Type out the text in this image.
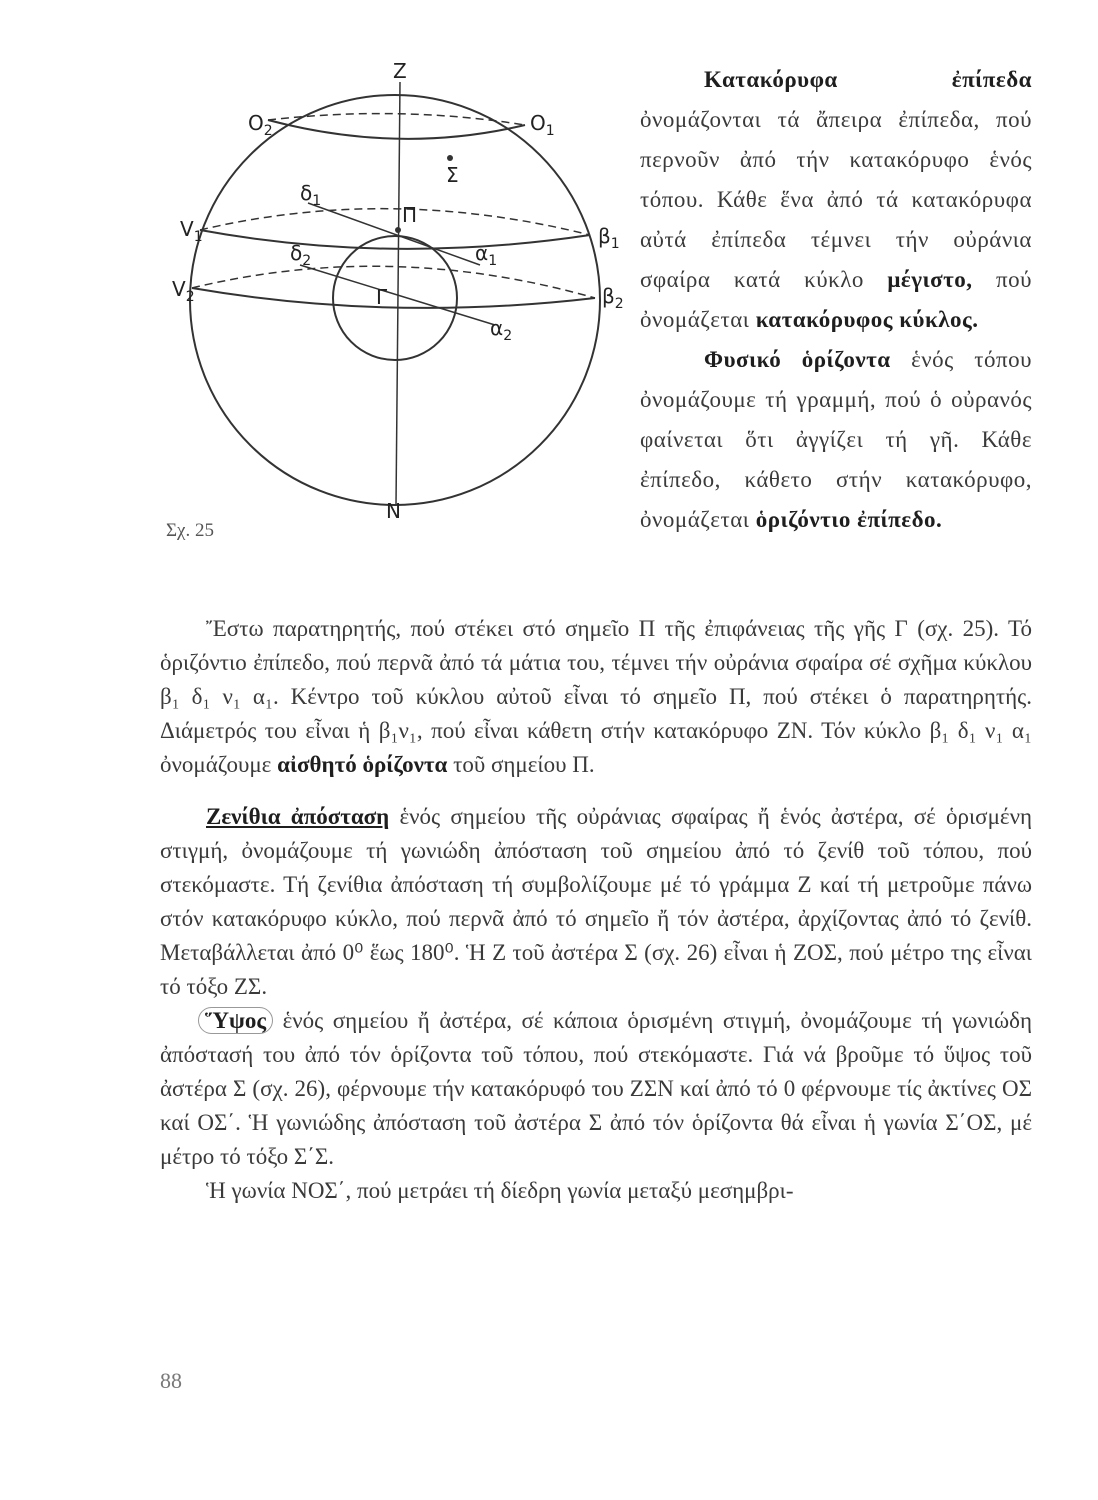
Z
N
$O_2$	$O_1$
Σ
$\delta_1$
$V_1$
Π
$\beta_1$
$\delta_2$	$\alpha_1$
$V_2$	Γ	$\beta_2$
$\alpha_2$
Σχ. 25

Κατακόρυφα ἐπίπεδα ὀνομάζονται τά ἄπειρα ἐπίπεδα, πού περνοῦν ἀπό τήν κατακόρυφο ἑνός τόπου. Κάθε ἕνα ἀπό τά κατακόρυφα αὐτά ἐπίπεδα τέμνει τήν οὐράνια σφαίρα κατά κύκλο μέγιστο, πού ὀνομάζεται κατακόρυφος κύκλος.

Φυσικό ὁρίζοντα ἑνός τόπου ὀνομάζουμε τή γραμμή, πού ὁ οὐρανός φαίνεται ὅτι ἀγγίζει τή γῆ. Κάθε ἐπίπεδο, κάθετο στήν κατακόρυφο, ὀνομάζεται ὁριζόντιο ἐπίπεδο.

Ἔστω παρατηρητής, πού στέκει στό σημεῖο Π τῆς ἐπιφάνειας τῆς γῆς Γ (σχ. 25). Τό ὁριζόντιο ἐπίπεδο, πού περνᾶ ἀπό τά μάτια του, τέμνει τήν οὐράνια σφαίρα σέ σχῆμα κύκλου β₁ δ₁ ν₁ α₁. Κέντρο τοῦ κύκλου αὐτοῦ εἶναι τό σημεῖο Π, πού στέκει ὁ παρατηρητής. Διάμετρός του εἶναι ἡ β₁ν₁, πού εἶναι κάθετη στήν κατακόρυφο ΖΝ. Τόν κύκλο β₁ δ₁ ν₁ α₁ ὀνομάζουμε αἰσθητό ὁρίζοντα τοῦ σημείου Π.

Ζενίθια ἀπόσταση ἑνός σημείου τῆς οὐράνιας σφαίρας ἤ ἑνός ἀστέρα, σέ ὁρισμένη στιγμή, ὀνομάζουμε τή γωνιώδη ἀπόσταση τοῦ σημείου ἀπό τό ζενίθ τοῦ τόπου, πού στεκόμαστε. Τή ζενίθια ἀπόσταση τή συμβολίζουμε μέ τό γράμμα Ζ καί τή μετροῦμε πάνω στόν κατακόρυφο κύκλο, πού περνᾶ ἀπό τό σημεῖο ἤ τόν ἀστέρα, ἀρχίζοντας ἀπό τό ζενίθ. Μεταβάλλεται ἀπό 0⁰ ἕως 180⁰. Ἡ Ζ τοῦ ἀστέρα Σ (σχ. 26) εἶναι ἡ ΖΟΣ, πού μέτρο της εἶναι τό τόξο ΖΣ.

Ὕψος ἑνός σημείου ἤ ἀστέρα, σέ κάποια ὁρισμένη στιγμή, ὀνομάζουμε τή γωνιώδη ἀπόστασή του ἀπό τόν ὁρίζοντα τοῦ τόπου, πού στεκόμαστε. Γιά νά βροῦμε τό ὕψος τοῦ ἀστέρα Σ (σχ. 26), φέρνουμε τήν κατακόρυφό του ΖΣΝ καί ἀπό τό 0 φέρνουμε τίς ἀκτίνες ΟΣ καί ΟΣ΄. Ἡ γωνιώδης ἀπόσταση τοῦ ἀστέρα Σ ἀπό τόν ὁρίζοντα θά εἶναι ἡ γωνία Σ΄ΟΣ, μέ μέτρο τό τόξο Σ΄Σ.

Ἡ γωνία ΝΟΣ΄, πού μετράει τή δίεδρη γωνία μεταξύ μεσημβρι-

88
